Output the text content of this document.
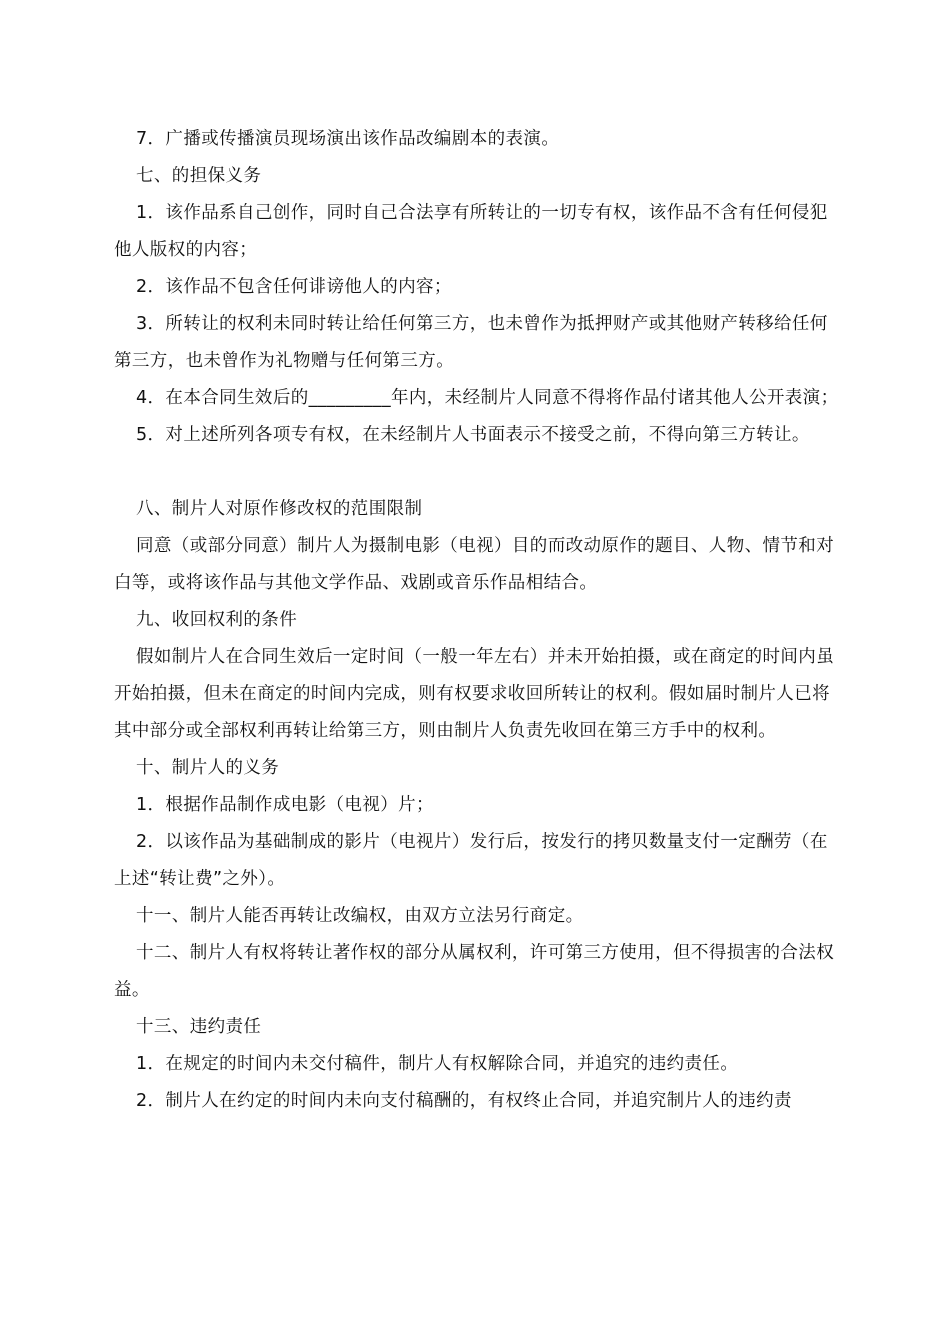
7．广播或传播演员现场演出该作品改编剧本的表演。

七、的担保义务

1．该作品系自己创作，同时自己合法享有所转让的一切专有权，该作品不含有任何侵犯他人版权的内容；

2．该作品不包含任何诽谤他人的内容；

3．所转让的权利未同时转让给任何第三方，也未曾作为抵押财产或其他财产转移给任何第三方，也未曾作为礼物赠与任何第三方。

4．在本合同生效后的_________年内，未经制片人同意不得将作品付诸其他人公开表演；

5．对上述所列各项专有权，在未经制片人书面表示不接受之前，不得向第三方转让。

八、制片人对原作修改权的范围限制

同意（或部分同意）制片人为摄制电影（电视）目的而改动原作的题目、人物、情节和对白等，或将该作品与其他文学作品、戏剧或音乐作品相结合。

九、收回权利的条件

假如制片人在合同生效后一定时间（一般一年左右）并未开始拍摄，或在商定的时间内虽开始拍摄，但未在商定的时间内完成，则有权要求收回所转让的权利。假如届时制片人已将其中部分或全部权利再转让给第三方，则由制片人负责先收回在第三方手中的权利。

十、制片人的义务

1．根据作品制作成电影（电视）片；

2．以该作品为基础制成的影片（电视片）发行后，按发行的拷贝数量支付一定酬劳（在上述“转让费”之外）。

十一、制片人能否再转让改编权，由双方立法另行商定。

十二、制片人有权将转让著作权的部分从属权利，许可第三方使用，但不得损害的合法权益。

十三、违约责任

1．在规定的时间内未交付稿件，制片人有权解除合同，并追究的违约责任。

2．制片人在约定的时间内未向支付稿酬的，有权终止合同，并追究制片人的违约责
